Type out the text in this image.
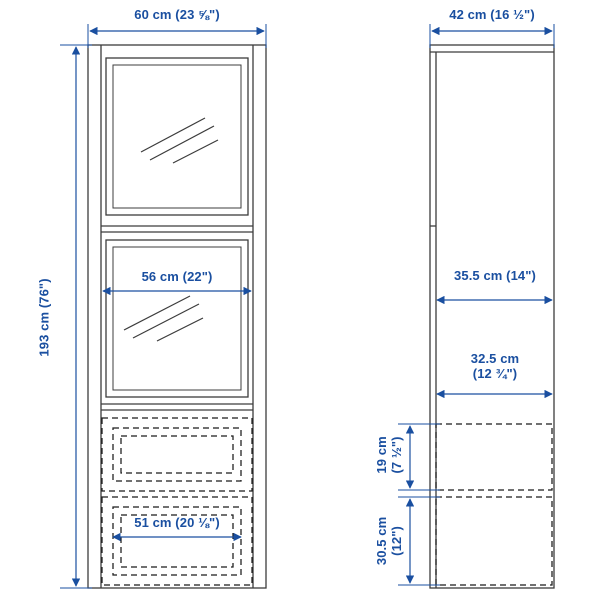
60 cm (23 ⅝")
193 cm (76")
56 cm (22")
51 cm (20 ⅛")
42 cm (16 ½")
35.5 cm (14")
32.5 cm
(12 ¾")
19 cm (7 ½")
30.5 cm (12")
